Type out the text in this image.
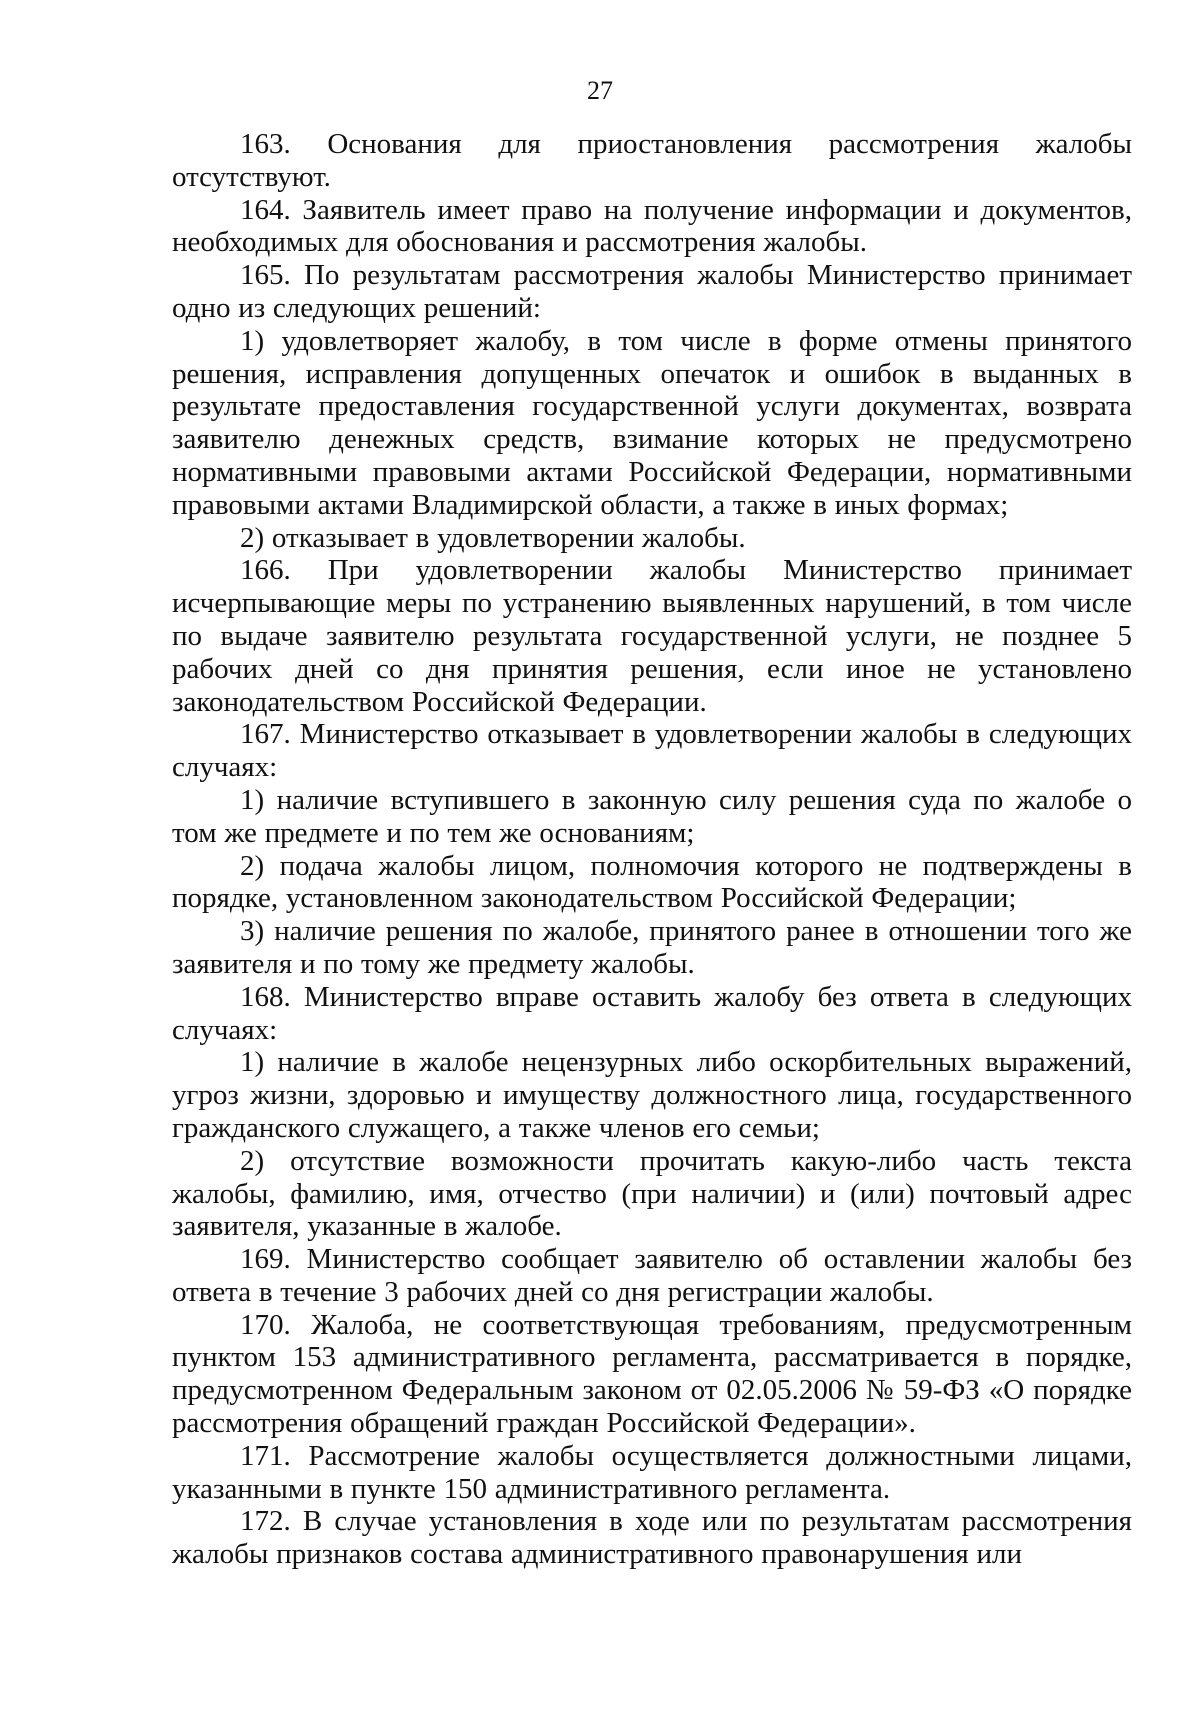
27

163. Основания для приостановления рассмотрения жалобы отсутствуют.

164. Заявитель имеет право на получение информации и документов, необходимых для обоснования и рассмотрения жалобы.

165. По результатам рассмотрения жалобы Министерство принимает одно из следующих решений:

1) удовлетворяет жалобу, в том числе в форме отмены принятого решения, исправления допущенных опечаток и ошибок в выданных в результате предоставления государственной услуги документах, возврата заявителю денежных средств, взимание которых не предусмотрено нормативными правовыми актами Российской Федерации, нормативными правовыми актами Владимирской области, а также в иных формах;

2) отказывает в удовлетворении жалобы.

166. При удовлетворении жалобы Министерство принимает исчерпывающие меры по устранению выявленных нарушений, в том числе по выдаче заявителю результата государственной услуги, не позднее 5 рабочих дней со дня принятия решения, если иное не установлено законодательством Российской Федерации.

167. Министерство отказывает в удовлетворении жалобы в следующих случаях:

1) наличие вступившего в законную силу решения суда по жалобе о том же предмете и по тем же основаниям;

2) подача жалобы лицом, полномочия которого не подтверждены в порядке, установленном законодательством Российской Федерации;

3) наличие решения по жалобе, принятого ранее в отношении того же заявителя и по тому же предмету жалобы.

168. Министерство вправе оставить жалобу без ответа в следующих случаях:

1) наличие в жалобе нецензурных либо оскорбительных выражений, угроз жизни, здоровью и имуществу должностного лица, государственного гражданского служащего, а также членов его семьи;

2) отсутствие возможности прочитать какую-либо часть текста жалобы, фамилию, имя, отчество (при наличии) и (или) почтовый адрес заявителя, указанные в жалобе.

169. Министерство сообщает заявителю об оставлении жалобы без ответа в течение 3 рабочих дней со дня регистрации жалобы.

170. Жалоба, не соответствующая требованиям, предусмотренным пунктом 153 административного регламента, рассматривается в порядке, предусмотренном Федеральным законом от 02.05.2006 № 59-ФЗ «О порядке рассмотрения обращений граждан Российской Федерации».

171. Рассмотрение жалобы осуществляется должностными лицами, указанными в пункте 150 административного регламента.

172. В случае установления в ходе или по результатам рассмотрения жалобы признаков состава административного правонарушения или
